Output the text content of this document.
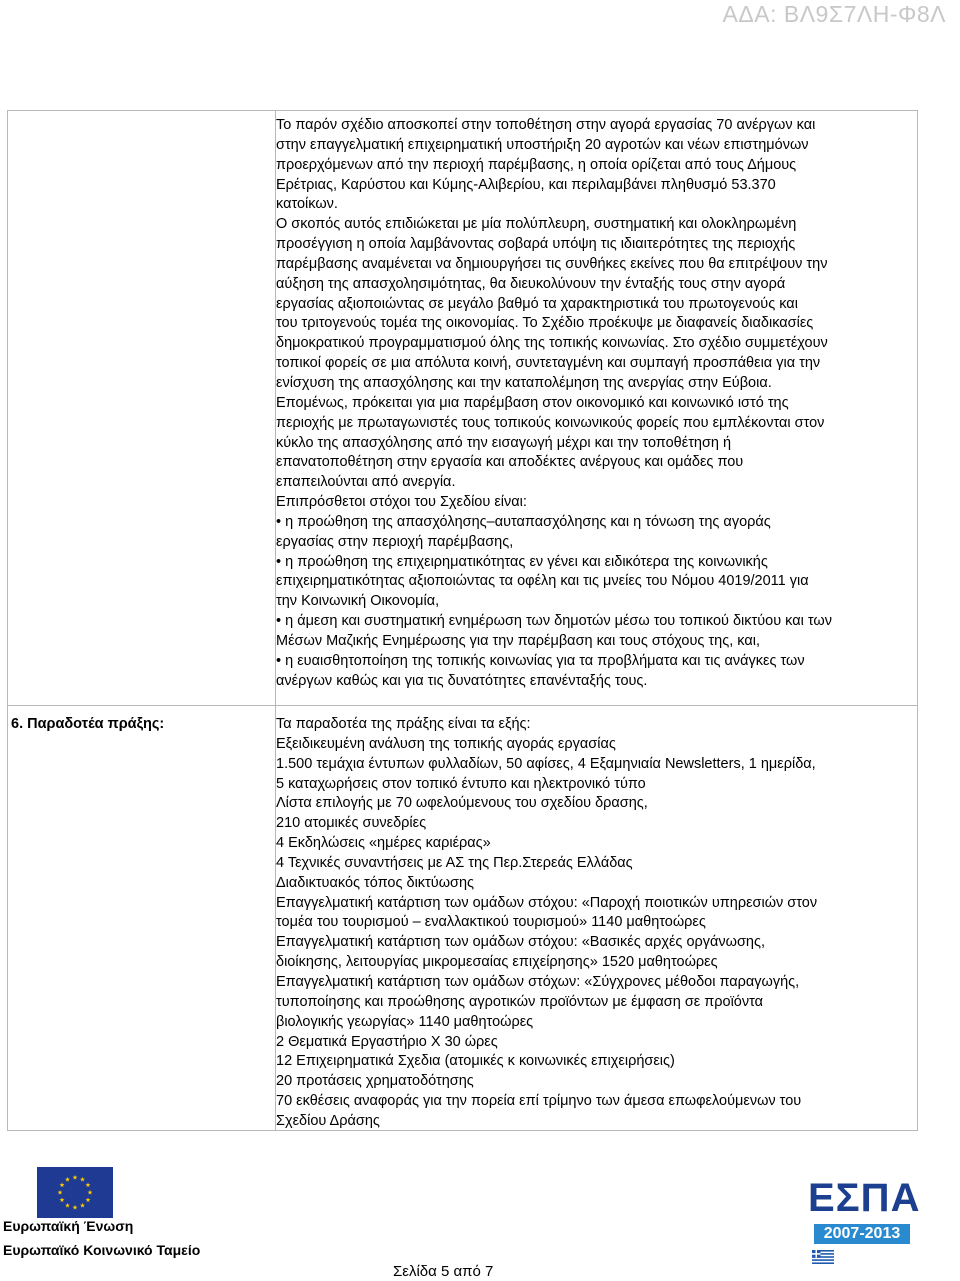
ΑΔΑ: ΒΛ9Σ7ΛΗ-Φ8Λ
Το παρόν σχέδιο αποσκοπεί στην τοποθέτηση στην αγορά εργασίας 70 ανέργων και
στην επαγγελματική επιχειρηματική υποστήριξη 20 αγροτών και νέων επιστημόνων
προερχόμενων από την περιοχή παρέμβασης, η οποία ορίζεται από τους Δήμους
Ερέτριας, Καρύστου και Κύμης-Αλιβερίου, και περιλαμβάνει πληθυσμό 53.370
κατοίκων.
Ο σκοπός αυτός επιδιώκεται με μία πολύπλευρη, συστηματική και ολοκληρωμένη
προσέγγιση η οποία λαμβάνοντας σοβαρά υπόψη τις ιδιαιτερότητες της περιοχής
παρέμβασης αναμένεται να δημιουργήσει τις συνθήκες εκείνες που θα επιτρέψουν την
αύξηση της απασχολησιμότητας, θα διευκολύνουν την ένταξής τους στην αγορά
εργασίας αξιοποιώντας σε μεγάλο βαθμό τα χαρακτηριστικά του πρωτογενούς και
του τριτογενούς τομέα της οικονομίας. Το Σχέδιο προέκυψε με διαφανείς διαδικασίες
δημοκρατικού προγραμματισμού όλης της τοπικής κοινωνίας. Στο σχέδιο συμμετέχουν
τοπικοί φορείς σε μια απόλυτα κοινή, συντεταγμένη και συμπαγή προσπάθεια για την
ενίσχυση της απασχόλησης και την καταπολέμηση της ανεργίας στην Εύβοια.
Επομένως, πρόκειται για μια παρέμβαση στον οικονομικό και κοινωνικό ιστό της
περιοχής με πρωταγωνιστές τους τοπικούς κοινωνικούς φορείς που εμπλέκονται στον
κύκλο της απασχόλησης από την εισαγωγή μέχρι και την τοποθέτηση ή
επανατοποθέτηση στην εργασία και αποδέκτες ανέργους και ομάδες που
επαπειλούνται από ανεργία.
Επιπρόσθετοι στόχοι του Σχεδίου είναι:
• η προώθηση της απασχόλησης–αυταπασχόλησης και η τόνωση της αγοράς
εργασίας στην περιοχή παρέμβασης,
• η προώθηση της επιχειρηματικότητας εν γένει και ειδικότερα της κοινωνικής
επιχειρηματικότητας αξιοποιώντας τα οφέλη και τις μνείες του Νόμου 4019/2011 για
την Κοινωνική Οικονομία,
• η άμεση και συστηματική ενημέρωση των δημοτών μέσω του τοπικού δικτύου και των
Μέσων Μαζικής Ενημέρωσης για την παρέμβαση και τους στόχους της, και,
• η ευαισθητοποίηση της τοπικής κοινωνίας για τα προβλήματα και τις ανάγκες των
ανέργων καθώς και για τις δυνατότητες επανένταξής τους.
6. Παραδοτέα πράξης:	Τα παραδοτέα της πράξης είναι τα εξής:
Εξειδικευμένη ανάλυση της τοπικής αγοράς εργασίας
1.500 τεμάχια έντυπων φυλλαδίων, 50 αφίσες, 4 Εξαμηνιαία Newsletters, 1 ημερίδα,
5 καταχωρήσεις στον τοπικό έντυπο και ηλεκτρονικό τύπο
Λίστα επιλογής με 70 ωφελούμενους του σχεδίου δρασης,
210 ατομικές συνεδρίες
4 Εκδηλώσεις «ημέρες καριέρας»
4 Τεχνικές συναντήσεις με ΑΣ της Περ.Στερεάς Ελλάδας
Διαδικτυακός τόπος δικτύωσης
Επαγγελματική κατάρτιση των ομάδων στόχου: «Παροχή ποιοτικών υπηρεσιών στον
τομέα του τουρισμού – εναλλακτικού τουρισμού» 1140 μαθητοώρες
Επαγγελματική κατάρτιση των ομάδων στόχου: «Βασικές αρχές οργάνωσης,
διοίκησης, λειτουργίας μικρομεσαίας επιχείρησης» 1520 μαθητοώρες
Επαγγελματική κατάρτιση των ομάδων στόχων: «Σύγχρονες μέθοδοι παραγωγής,
τυποποίησης και προώθησης αγροτικών προϊόντων με έμφαση σε προϊόντα
βιολογικής γεωργίας» 1140 μαθητοώρες
2 Θεματικά Εργαστήριο Χ 30 ώρες
12 Επιχειρηματικά Σχεδια (ατομικές κ κοινωνικές επιχειρήσεις)
20 προτάσεις χρηματοδότησης
70 εκθέσεις αναφοράς για την πορεία επί τρίμηνο των άμεσα επωφελούμενων του
Σχεδίου Δράσης
Ευρωπαϊκή Ένωση
Ευρωπαϊκό Κοινωνικό Ταμείο
Σελίδα 5 από 7
ΕΣΠΑ
2007-2013
